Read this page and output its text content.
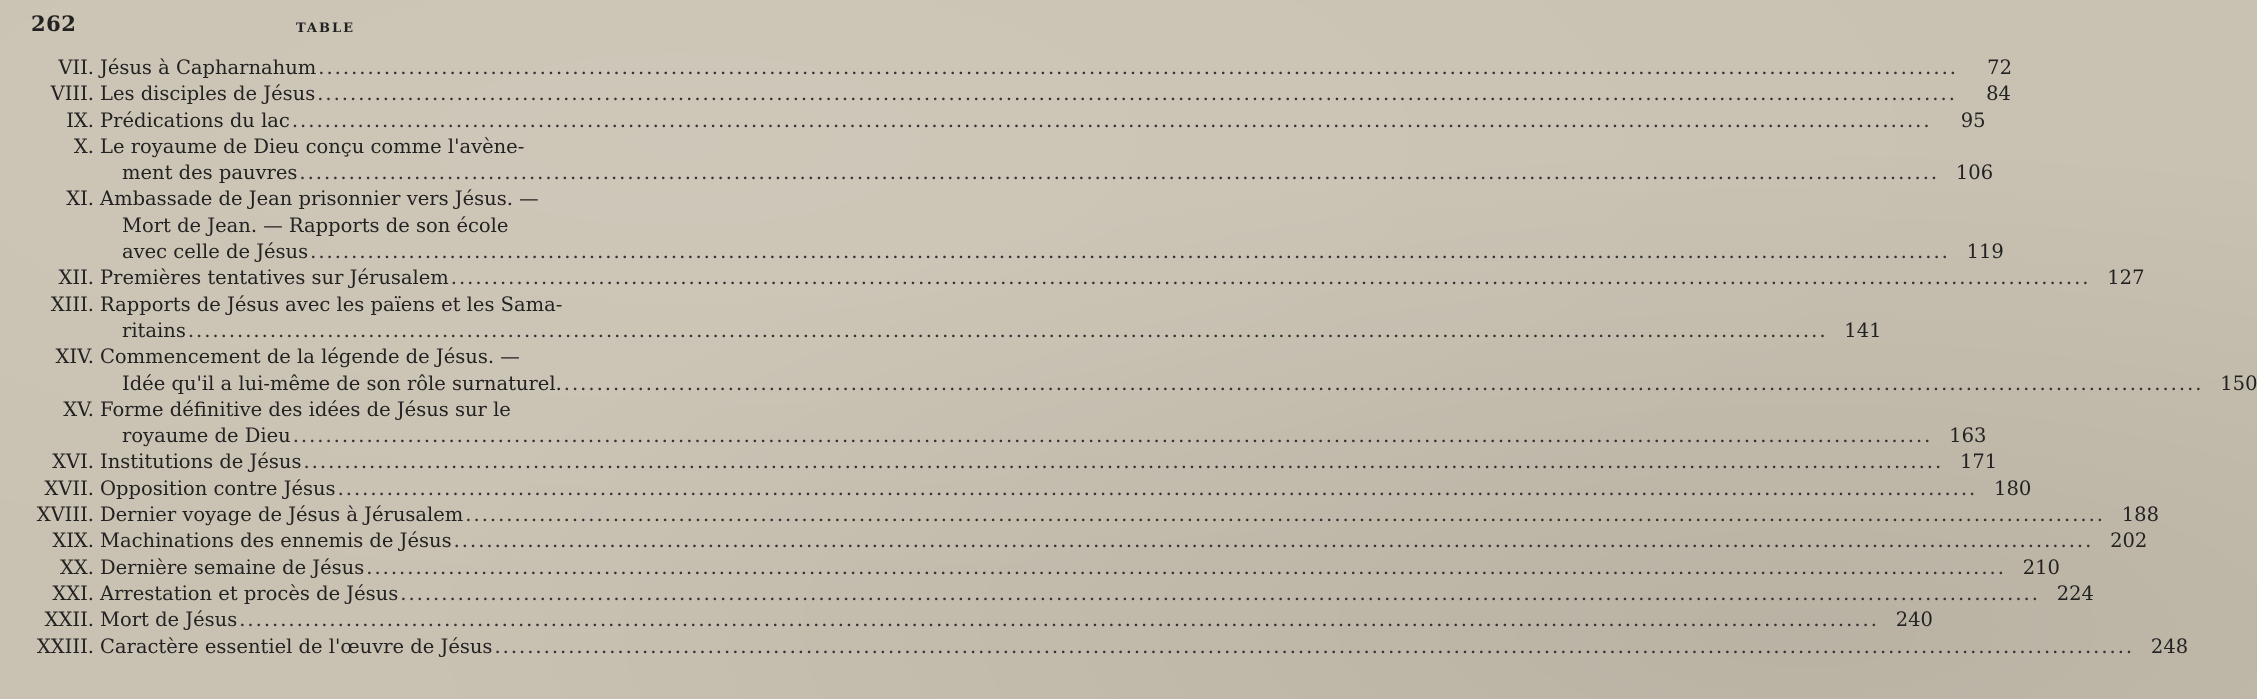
262	TABLE
VII. Jésus à Capharnahum ........................................................................................................................................................................................................	72
VIII. Les disciples de Jésus ........................................................................................................................................................................................................	84
IX. Prédications du lac ........................................................................................................................................................................................................	95
X. Le royaume de Dieu conçu comme l'avène-
ment des pauvres ........................................................................................................................................................................................................ 106
XI. Ambassade de Jean prisonnier vers Jésus. —
Mort de Jean. — Rapports de son école
avec celle de Jésus ........................................................................................................................................................................................................ 119
XII. Premières tentatives sur Jérusalem ........................................................................................................................................................................................................ 127
XIII. Rapports de Jésus avec les païens et les Sama-
ritains ........................................................................................................................................................................................................ 141
XIV. Commencement de la légende de Jésus. —
Idée qu'il a lui-même de son rôle surnaturel. ........................................................................................................................................................................................................ 150
XV. Forme définitive des idées de Jésus sur le
royaume de Dieu ........................................................................................................................................................................................................ 163
XVI. Institutions de Jésus ........................................................................................................................................................................................................ 171
XVII. Opposition contre Jésus ........................................................................................................................................................................................................ 180
XVIII. Dernier voyage de Jésus à Jérusalem ........................................................................................................................................................................................................ 188
XIX. Machinations des ennemis de Jésus ........................................................................................................................................................................................................ 202
XX. Dernière semaine de Jésus ........................................................................................................................................................................................................ 210
XXI. Arrestation et procès de Jésus ........................................................................................................................................................................................................ 224
XXII. Mort de Jésus ........................................................................................................................................................................................................ 240
XXIII. Caractère essentiel de l'œuvre de Jésus ........................................................................................................................................................................................................ 248
